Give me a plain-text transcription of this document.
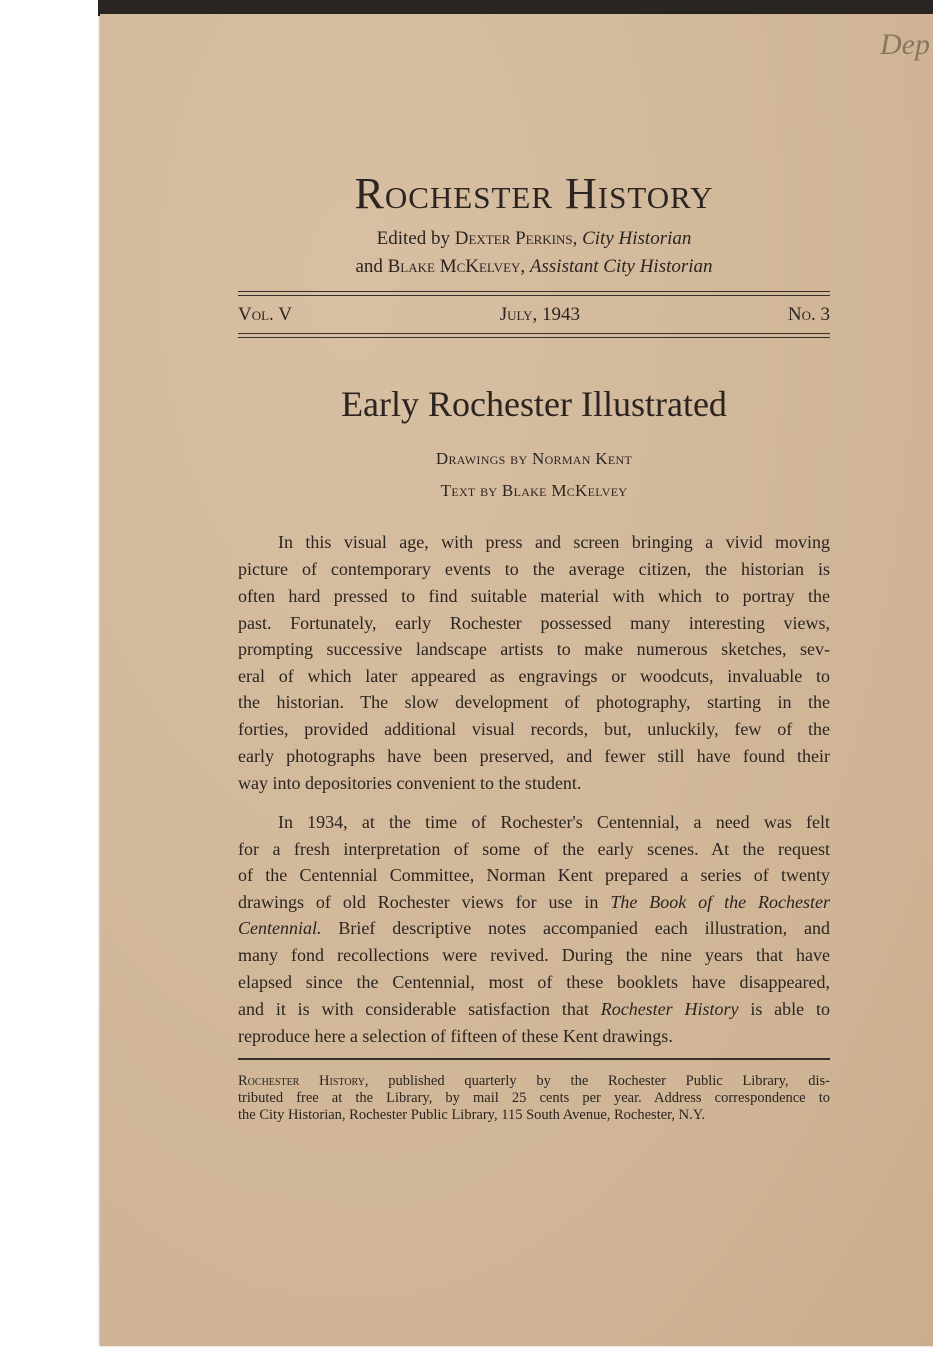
Dep
Rochester History
Edited by Dexter Perkins, City Historian
and Blake McKelvey, Assistant City Historian
Vol. V	July, 1943	No. 3
Early Rochester Illustrated
Drawings by Norman Kent
Text by Blake McKelvey
In this visual age, with press and screen bringing a vivid moving
picture of contemporary events to the average citizen, the historian is
often hard pressed to find suitable material with which to portray the
past. Fortunately, early Rochester possessed many interesting views,
prompting successive landscape artists to make numerous sketches, sev-
eral of which later appeared as engravings or woodcuts, invaluable to
the historian. The slow development of photography, starting in the
forties, provided additional visual records, but, unluckily, few of the
early photographs have been preserved, and fewer still have found their
way into depositories convenient to the student.
In 1934, at the time of Rochester's Centennial, a need was felt
for a fresh interpretation of some of the early scenes. At the request
of the Centennial Committee, Norman Kent prepared a series of twenty
drawings of old Rochester views for use in The Book of the Rochester
Centennial. Brief descriptive notes accompanied each illustration, and
many fond recollections were revived. During the nine years that have
elapsed since the Centennial, most of these booklets have disappeared,
and it is with considerable satisfaction that Rochester History is able to
reproduce here a selection of fifteen of these Kent drawings.
Rochester History, published quarterly by the Rochester Public Library, dis-
tributed free at the Library, by mail 25 cents per year. Address correspondence to
the City Historian, Rochester Public Library, 115 South Avenue, Rochester, N.Y.
